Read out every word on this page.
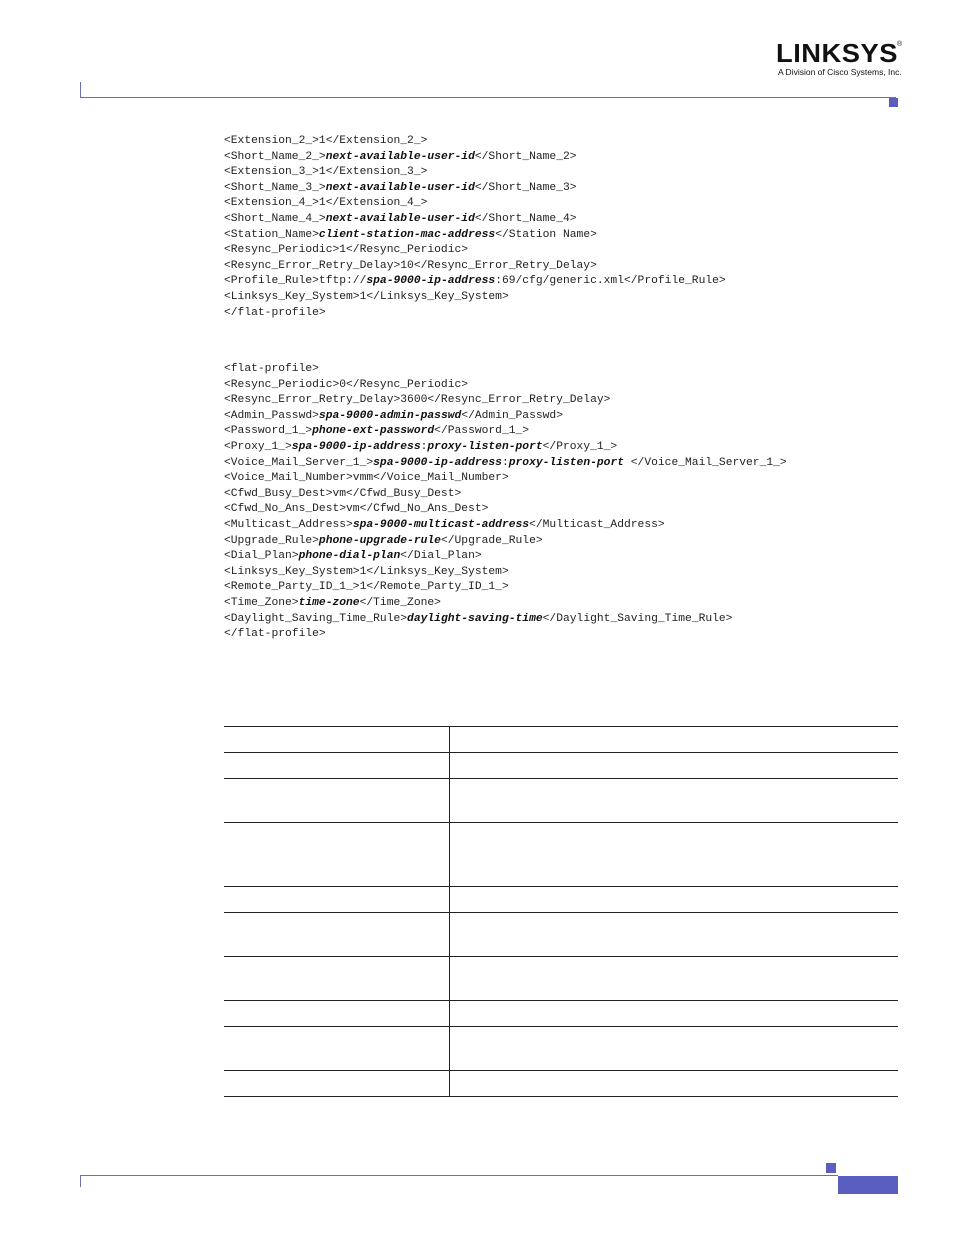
LINKSYS ®
A Division of Cisco Systems, Inc.
<Extension_2_>1</Extension_2_>
<Short_Name_2_>next-available-user-id</Short_Name_2>
<Extension_3_>1</Extension_3_>
<Short_Name_3_>next-available-user-id</Short_Name_3>
<Extension_4_>1</Extension_4_>
<Short_Name_4_>next-available-user-id</Short_Name_4>
<Station_Name>client-station-mac-address</Station Name>
<Resync_Periodic>1</Resync_Periodic>
<Resync_Error_Retry_Delay>10</Resync_Error_Retry_Delay>
<Profile_Rule>tftp://spa-9000-ip-address:69/cfg/generic.xml</Profile_Rule>
<Linksys_Key_System>1</Linksys_Key_System>
</flat-profile>
<flat-profile>
<Resync_Periodic>0</Resync_Periodic>
<Resync_Error_Retry_Delay>3600</Resync_Error_Retry_Delay>
<Admin_Passwd>spa-9000-admin-passwd</Admin_Passwd>
<Password_1_>phone-ext-password</Password_1_>
<Proxy_1_>spa-9000-ip-address:proxy-listen-port</Proxy_1_>
<Voice_Mail_Server_1_>spa-9000-ip-address:proxy-listen-port </Voice_Mail_Server_1_>
<Voice_Mail_Number>vmm</Voice_Mail_Number>
<Cfwd_Busy_Dest>vm</Cfwd_Busy_Dest>
<Cfwd_No_Ans_Dest>vm</Cfwd_No_Ans_Dest>
<Multicast_Address>spa-9000-multicast-address</Multicast_Address>
<Upgrade_Rule>phone-upgrade-rule</Upgrade_Rule>
<Dial_Plan>phone-dial-plan</Dial_Plan>
<Linksys_Key_System>1</Linksys_Key_System>
<Remote_Party_ID_1_>1</Remote_Party_ID_1_>
<Time_Zone>time-zone</Time_Zone>
<Daylight_Saving_Time_Rule>daylight-saving-time</Daylight_Saving_Time_Rule>
</flat-profile>
